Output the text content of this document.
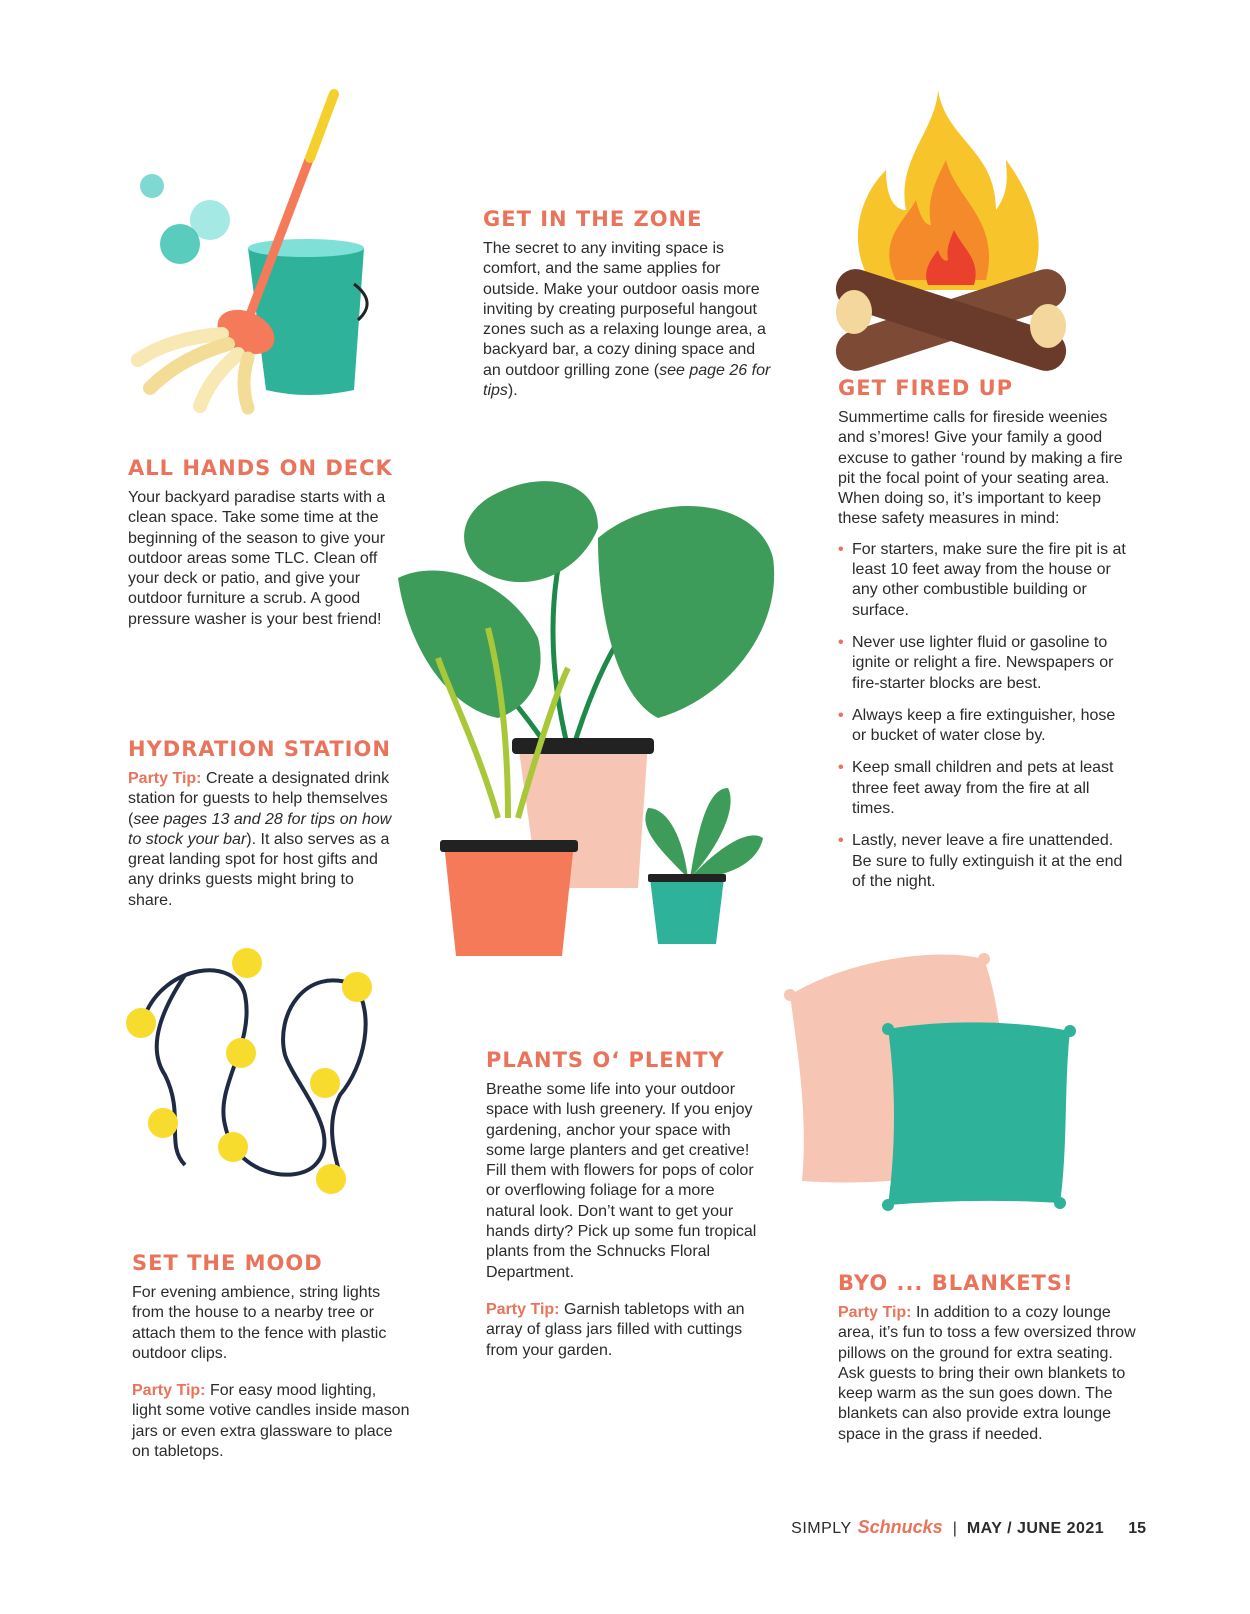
GET IN THE ZONE

The secret to any inviting space is comfort, and the same applies for outside. Make your outdoor oasis more inviting by creating purposeful hangout zones such as a relaxing lounge area, a backyard bar, a cozy dining space and an outdoor grilling zone (see page 26 for tips).

ALL HANDS ON DECK

Your backyard paradise starts with a clean space. Take some time at the beginning of the season to give your outdoor areas some TLC. Clean off your deck or patio, and give your outdoor furniture a scrub. A good pressure washer is your best friend!

GET FIRED UP

Summertime calls for fireside weenies and s’mores! Give your family a good excuse to gather ‘round by making a fire pit the focal point of your seating area. When doing so, it’s important to keep these safety measures in mind:

• For starters, make sure the fire pit is at least 10 feet away from the house or any other combustible building or surface.
• Never use lighter fluid or gasoline to ignite or relight a fire. Newspapers or fire-starter blocks are best.
• Always keep a fire extinguisher, hose or bucket of water close by.
• Keep small children and pets at least three feet away from the fire at all times.
• Lastly, never leave a fire unattended. Be sure to fully extinguish it at the end of the night.
HYDRATION STATION

Party Tip: Create a designated drink station for guests to help themselves (see pages 13 and 28 for tips on how to stock your bar). It also serves as a great landing spot for host gifts and any drinks guests might bring to share.

PLANTS O‘ PLENTY

Breathe some life into your outdoor space with lush greenery. If you enjoy gardening, anchor your space with some large planters and get creative! Fill them with flowers for pops of color or overflowing foliage for a more natural look. Don’t want to get your hands dirty? Pick up some fun tropical plants from the Schnucks Floral Department.

Party Tip: Garnish tabletops with an array of glass jars filled with cuttings from your garden.

SET THE MOOD

For evening ambience, string lights from the house to a nearby tree or attach them to the fence with plastic outdoor clips.

Party Tip: For easy mood lighting, light some votive candles inside mason jars or even extra glassware to place on tabletops.

BYO ... BLANKETS!

Party Tip: In addition to a cozy lounge area, it’s fun to toss a few oversized throw pillows on the ground for extra seating. Ask guests to bring their own blankets to keep warm as the sun goes down. The blankets can also provide extra lounge space in the grass if needed.

SIMPLY Schnucks | MAY / JUNE 2021 15
